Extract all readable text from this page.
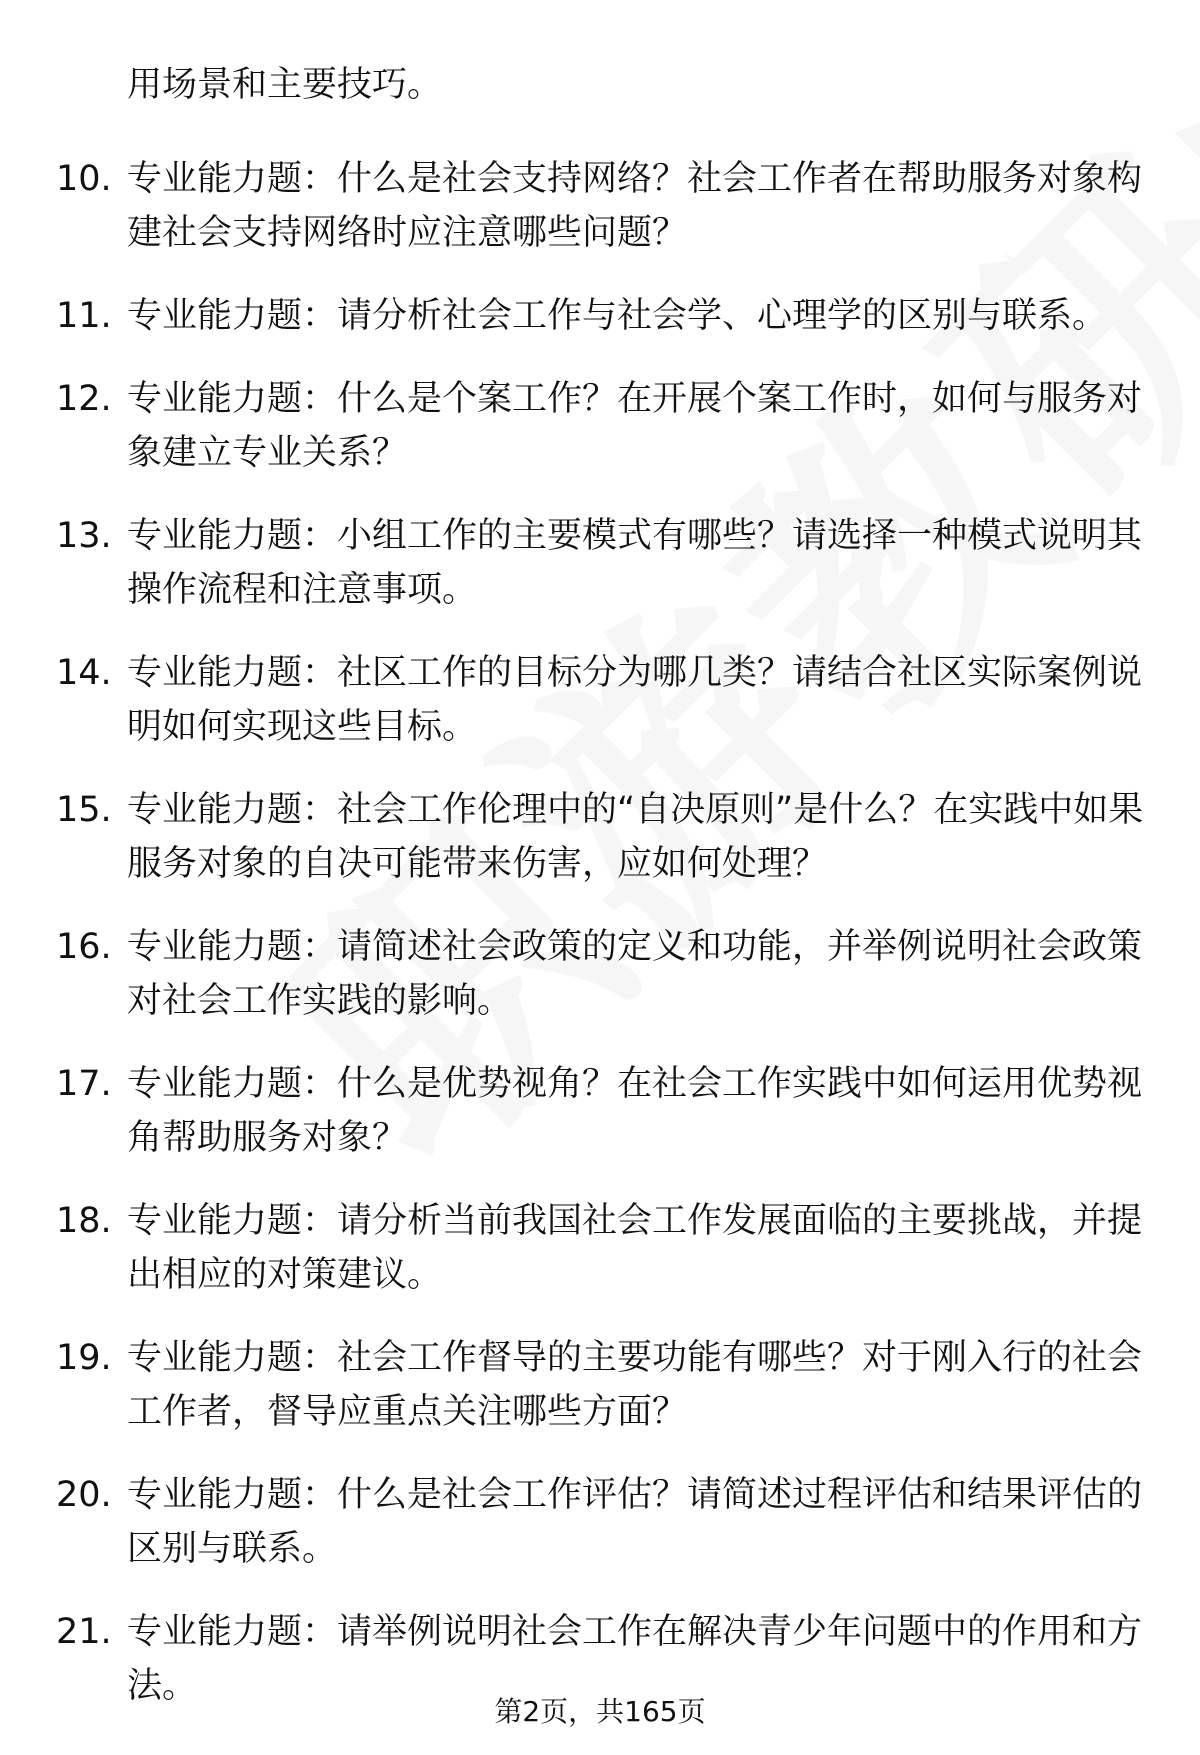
用场景和主要技巧。
10. 专业能力题：什么是社会支持网络？社会工作者在帮助服务对象构建社会支持网络时应注意哪些问题？
11. 专业能力题：请分析社会工作与社会学、心理学的区别与联系。
12. 专业能力题：什么是个案工作？在开展个案工作时，如何与服务对象建立专业关系？
13. 专业能力题：小组工作的主要模式有哪些？请选择一种模式说明其操作流程和注意事项。
14. 专业能力题：社区工作的目标分为哪几类？请结合社区实际案例说明如何实现这些目标。
15. 专业能力题：社会工作伦理中的“自决原则”是什么？在实践中如果服务对象的自决可能带来伤害，应如何处理？
16. 专业能力题：请简述社会政策的定义和功能，并举例说明社会政策对社会工作实践的影响。
17. 专业能力题：什么是优势视角？在社会工作实践中如何运用优势视角帮助服务对象？
18. 专业能力题：请分析当前我国社会工作发展面临的主要挑战，并提出相应的对策建议。
19. 专业能力题：社会工作督导的主要功能有哪些？对于刚入行的社会工作者，督导应重点关注哪些方面？
20. 专业能力题：什么是社会工作评估？请简述过程评估和结果评估的区别与联系。
21. 专业能力题：请举例说明社会工作在解决青少年问题中的作用和方法。
第2页，共165页
